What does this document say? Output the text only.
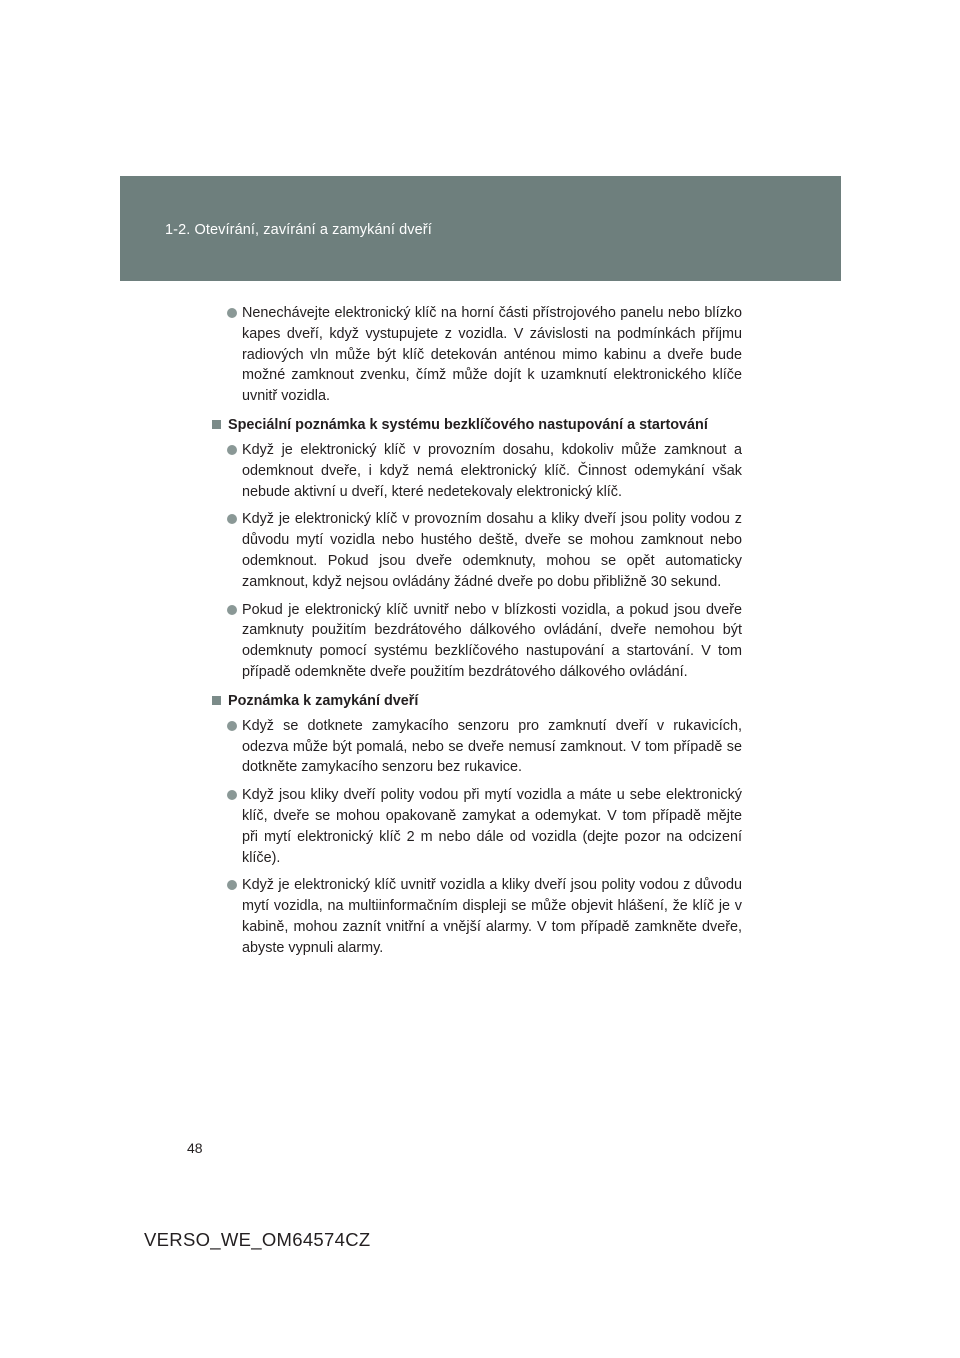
1-2. Otevírání, zavírání a zamykání dveří
Nenechávejte elektronický klíč na horní části přístrojového panelu nebo blízko kapes dveří, když vystupujete z vozidla. V závislosti na podmínkách příjmu radiových vln může být klíč detekován anténou mimo kabinu a dveře bude možné zamknout zvenku, čímž může dojít k uzamknutí elektronického klíče uvnitř vozidla.
Speciální poznámka k systému bezklíčového nastupování a startování
Když je elektronický klíč v provozním dosahu, kdokoliv může zamknout a odemknout dveře, i když nemá elektronický klíč. Činnost odemykání však nebude aktivní u dveří, které nedetekovaly elektronický klíč.
Když je elektronický klíč v provozním dosahu a kliky dveří jsou polity vodou z důvodu mytí vozidla nebo hustého deště, dveře se mohou zamknout nebo odemknout. Pokud jsou dveře odemknuty, mohou se opět automaticky zamknout, když nejsou ovládány žádné dveře po dobu přibližně 30 sekund.
Pokud je elektronický klíč uvnitř nebo v blízkosti vozidla, a pokud jsou dveře zamknuty použitím bezdrátového dálkového ovládání, dveře nemohou být odemknuty pomocí systému bezklíčového nastupování a startování. V tom případě odemkněte dveře použitím bezdrátového dálkového ovládání.
Poznámka k zamykání dveří
Když se dotknete zamykacího senzoru pro zamknutí dveří v rukavicích, odezva může být pomalá, nebo se dveře nemusí zamknout. V tom případě se dotkněte zamykacího senzoru bez rukavice.
Když jsou kliky dveří polity vodou při mytí vozidla a máte u sebe elektronický klíč, dveře se mohou opakovaně zamykat a odemykat. V tom případě mějte při mytí elektronický klíč 2 m nebo dále od vozidla (dejte pozor na odcizení klíče).
Když je elektronický klíč uvnitř vozidla a kliky dveří jsou polity vodou z důvodu mytí vozidla, na multiinformačním displeji se může objevit hlášení, že klíč je v kabině, mohou zaznít vnitřní a vnější alarmy. V tom případě zamkněte dveře, abyste vypnuli alarmy.
48
VERSO_WE_OM64574CZ
